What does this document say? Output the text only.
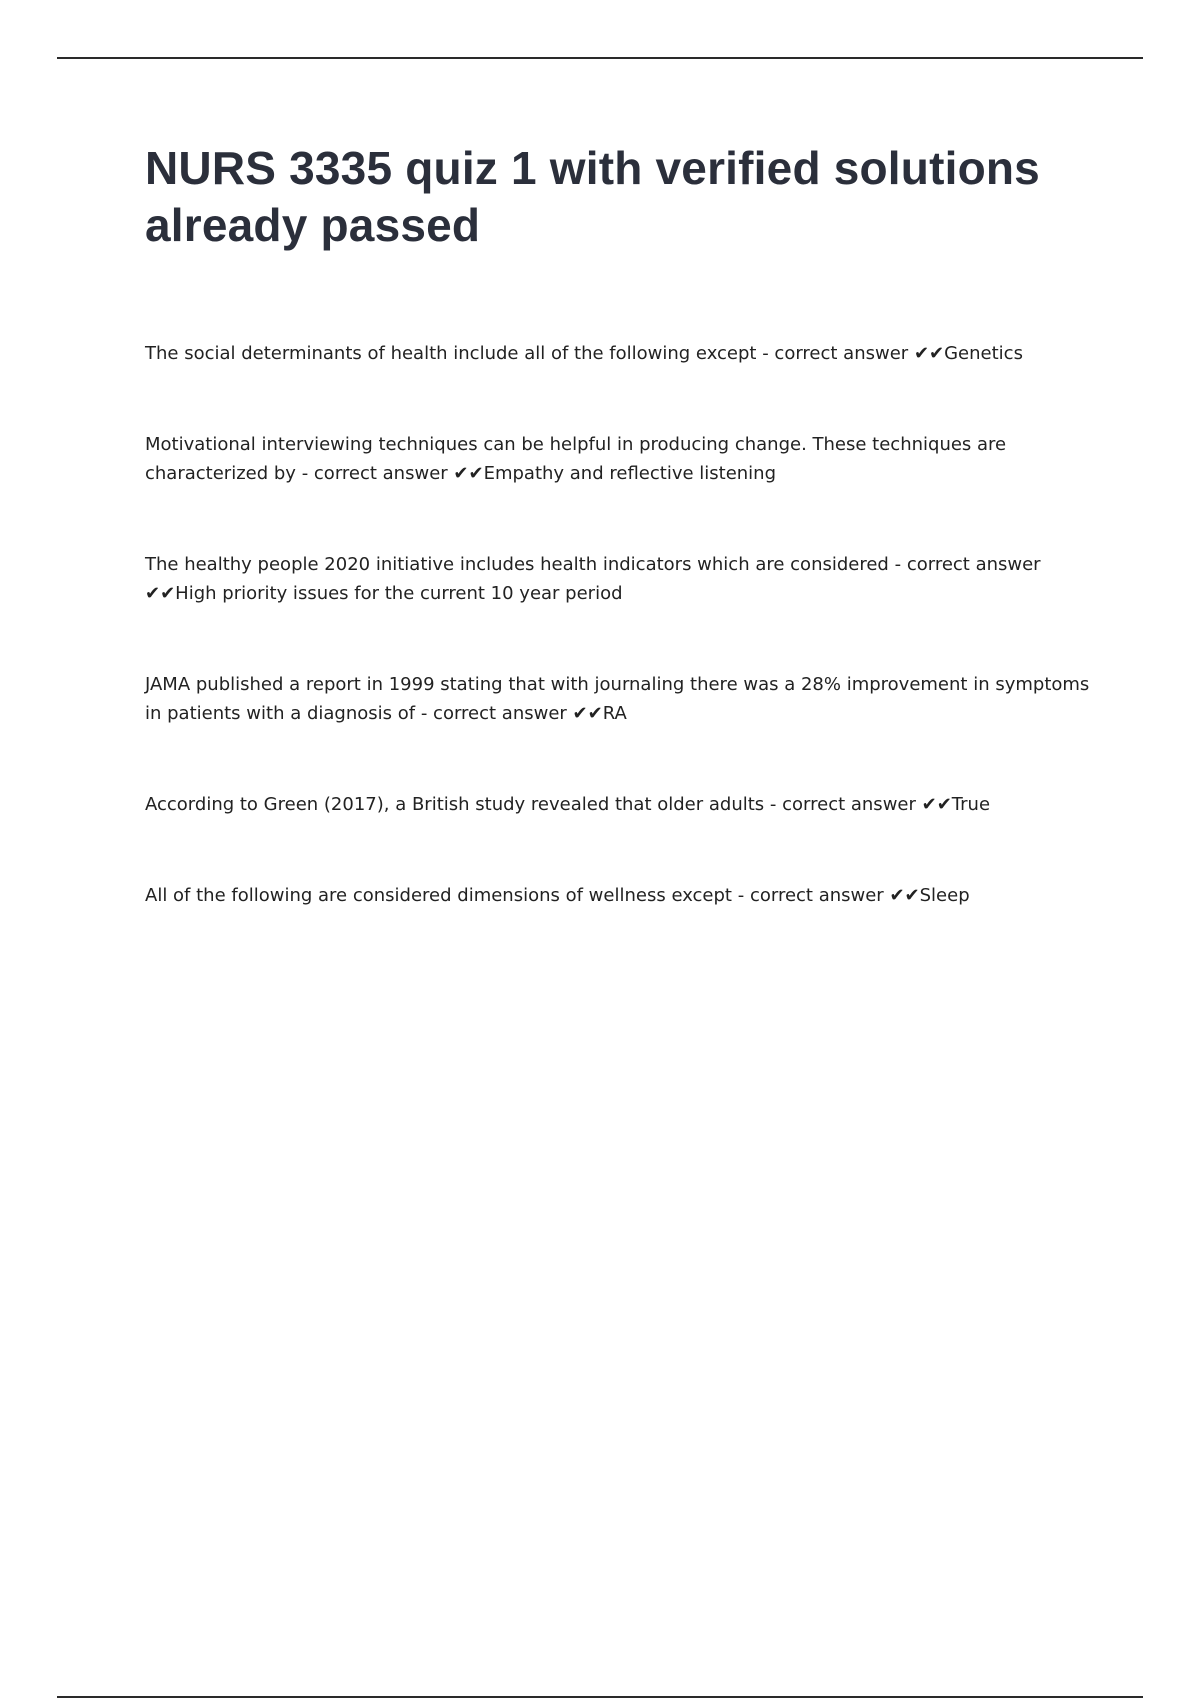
NURS 3335 quiz 1 with verified solutions already passed

The social determinants of health include all of the following except - correct answer ✔✔Genetics

Motivational interviewing techniques can be helpful in producing change. These techniques are characterized by - correct answer ✔✔Empathy and reflective listening

The healthy people 2020 initiative includes health indicators which are considered - correct answer ✔✔High priority issues for the current 10 year period

JAMA published a report in 1999 stating that with journaling there was a 28% improvement in symptoms in patients with a diagnosis of - correct answer ✔✔RA

According to Green (2017), a British study revealed that older adults - correct answer ✔✔True

All of the following are considered dimensions of wellness except - correct answer ✔✔Sleep
